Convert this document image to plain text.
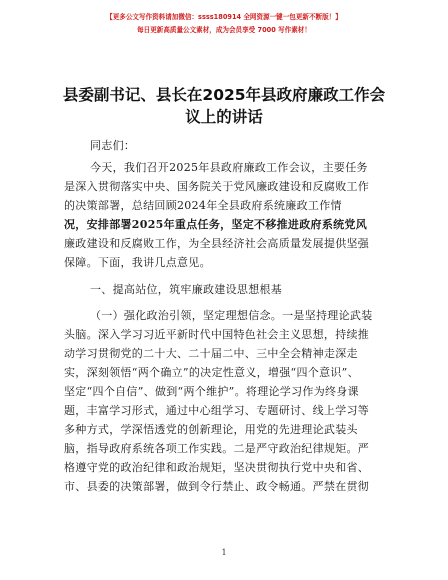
【更多公文写作资料请加微信：ssss180914 全网资源一键一包更新不断版！】
每日更新高质量公文素材，成为会员享受 7000 写作素材！
县委副书记、县长在2025年县政府廉政工作会
议上的讲话
同志们：
今天，我们召开2025年县政府廉政工作会议，主要任务
是深入贯彻落实中央、国务院关于党风廉政建设和反腐败工作
的决策部署，总结回顾2024年全县政府系统廉政工作情
况，安排部署2025年重点任务，坚定不移推进政府系统党风
廉政建设和反腐败工作，为全县经济社会高质量发展提供坚强
保障。下面，我讲几点意见。
一、提高站位，筑牢廉政建设思想根基
（一）强化政治引领，坚定理想信念。一是坚持理论武装
头脑。深入学习习近平新时代中国特色社会主义思想，持续推
动学习贯彻党的二十大、二十届二中、三中全会精神走深走
实，深刻领悟“两个确立”的决定性意义，增强“四个意识”、
坚定“四个自信”、做到“两个维护”。将理论学习作为终身课
题，丰富学习形式，通过中心组学习、专题研讨、线上学习等
多种方式，学深悟透党的创新理论，用党的先进理论武装头
脑，指导政府系统各项工作实践。二是严守政治纪律规矩。严
格遵守党的政治纪律和政治规矩，坚决贯彻执行党中央和省、
市、县委的决策部署，做到令行禁止、政令畅通。严禁在贯彻
1
